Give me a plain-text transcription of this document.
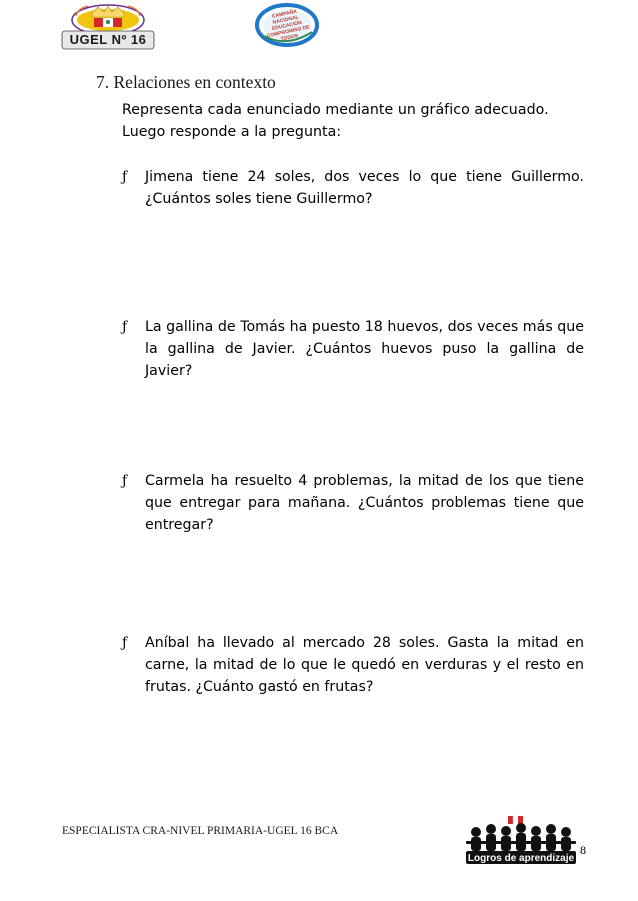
UGEL Nº 16
CAMPAÑA NACIONAL EDUCACIÓN COMPROMISO DE TODOS
7. Relaciones en contexto
Representa cada enunciado mediante un gráfico adecuado. Luego responde a la pregunta:
ƒ	Jimena tiene 24 soles, dos veces lo que tiene Guillermo. ¿Cuántos soles tiene Guillermo?
ƒ	La gallina de Tomás ha puesto 18 huevos, dos veces más que la gallina de Javier. ¿Cuántos huevos puso la gallina de Javier?
ƒ	Carmela ha resuelto 4 problemas, la mitad de los que tiene que entregar para mañana. ¿Cuántos problemas tiene que entregar?
ƒ	Aníbal ha llevado al mercado 28 soles. Gasta la mitad en carne, la mitad de lo que le quedó en verduras y el resto en frutas. ¿Cuánto gastó en frutas?
ESPECIALISTA CRA-NIVEL PRIMARIA-UGEL 16 BCA
Logros de aprendizaje
8
